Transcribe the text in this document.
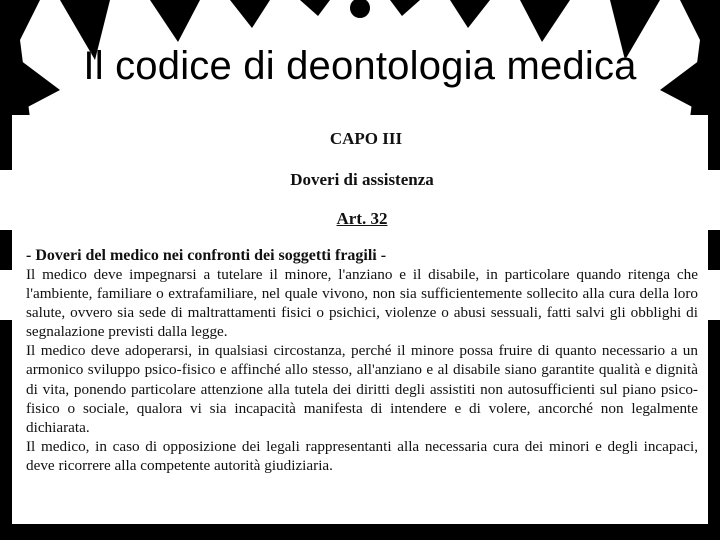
Il codice di deontologia medica
CAPO III
Doveri di assistenza
Art. 32
- Doveri del medico nei confronti dei soggetti fragili -

Il medico deve impegnarsi a tutelare il minore, l'anziano e il disabile, in particolare quando ritenga che l'ambiente, familiare o extrafamiliare, nel quale vivono, non sia sufficientemente sollecito alla cura della loro salute, ovvero sia sede di maltrattamenti fisici o psichici, violenze o abusi sessuali, fatti salvi gli obblighi di segnalazione previsti dalla legge.

Il medico deve adoperarsi, in qualsiasi circostanza, perché il minore possa fruire di quanto necessario a un armonico sviluppo psico-fisico e affinché allo stesso, all'anziano e al disabile siano garantite qualità e dignità di vita, ponendo particolare attenzione alla tutela dei diritti degli assistiti non autosufficienti sul piano psico-fisico o sociale, qualora vi sia incapacità manifesta di intendere e di volere, ancorché non legalmente dichiarata.

Il medico, in caso di opposizione dei legali rappresentanti alla necessaria cura dei minori e degli incapaci, deve ricorrere alla competente autorità giudiziaria.
